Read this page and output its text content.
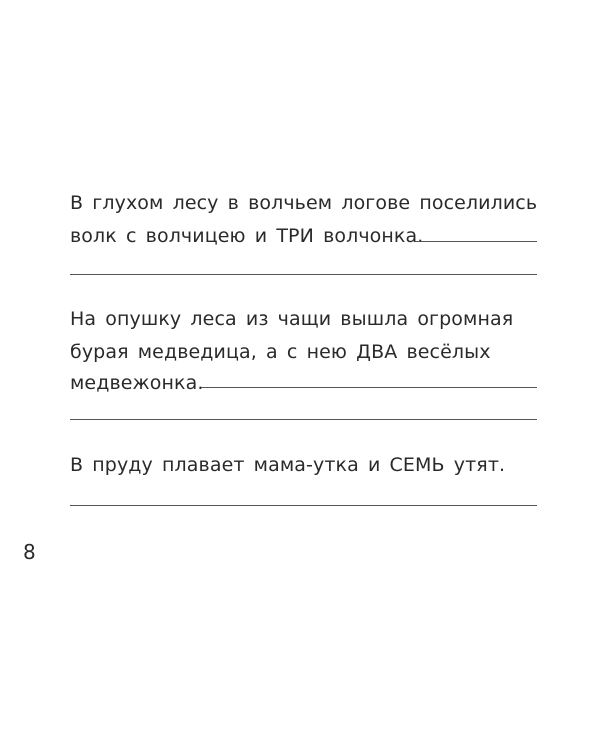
В глухом лесу в волчьем логове поселились
волк с волчицею и ТРИ волчонка.
На опушку леса из чащи вышла огромная
бурая медведица, а с нею ДВА весёлых
медвежонка.
В пруду плавает мама-утка и СЕМЬ утят.
8
